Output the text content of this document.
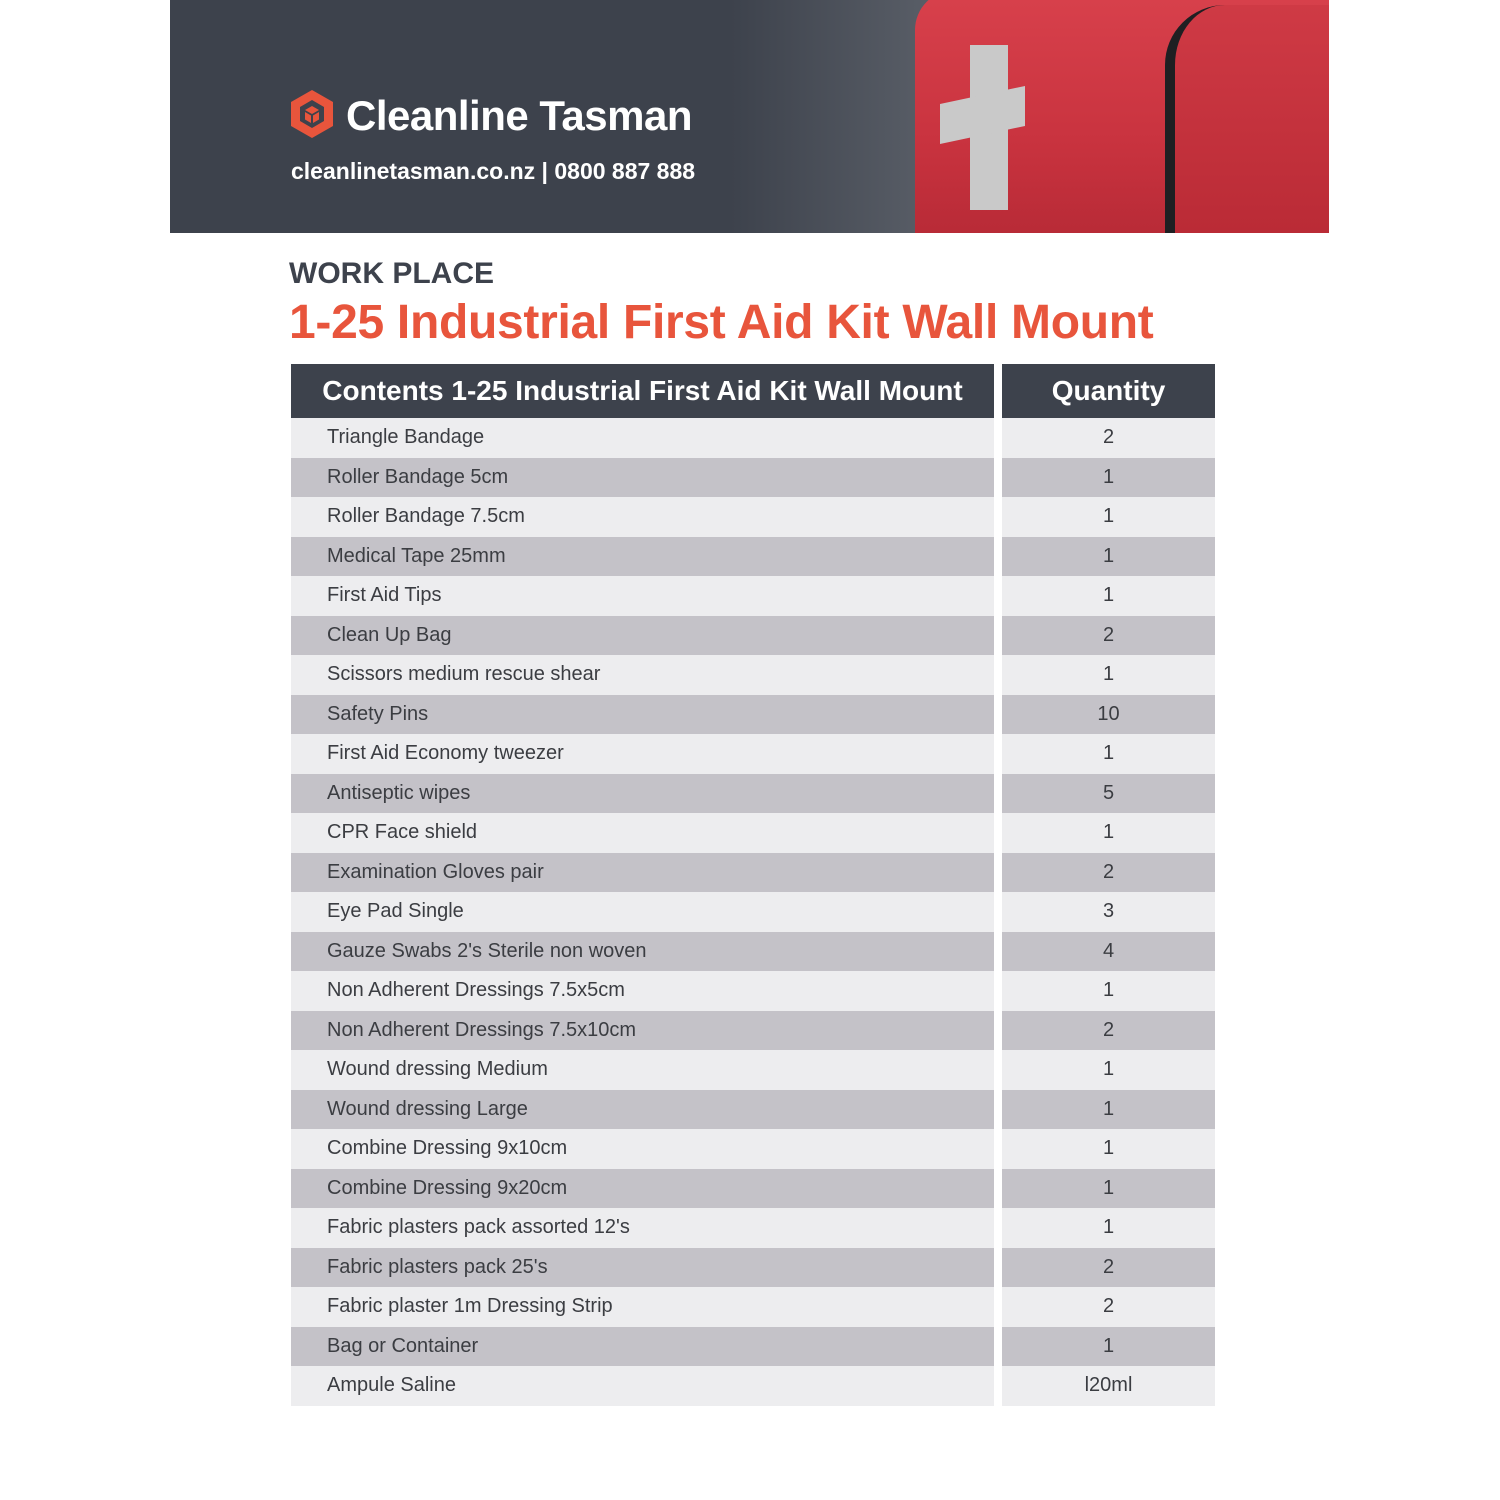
Cleanline Tasman
cleanlinetasman.co.nz | 0800 887 888
WORK PLACE
1-25 Industrial First Aid Kit Wall Mount
Contents 1-25 Industrial First Aid Kit Wall Mount	Quantity
Triangle Bandage	2
Roller Bandage 5cm	1
Roller Bandage 7.5cm	1
Medical Tape 25mm	1
First Aid Tips	1
Clean Up Bag	2
Scissors medium rescue shear	1
Safety Pins	10
First Aid Economy tweezer	1
Antiseptic wipes	5
CPR Face shield	1
Examination Gloves pair	2
Eye Pad Single	3
Gauze Swabs 2's Sterile non woven	4
Non Adherent Dressings 7.5x5cm	1
Non Adherent Dressings 7.5x10cm	2
Wound dressing Medium	1
Wound dressing Large	1
Combine Dressing 9x10cm	1
Combine Dressing 9x20cm	1
Fabric plasters pack assorted 12's	1
Fabric plasters pack 25's	2
Fabric plaster 1m Dressing Strip	2
Bag or Container	1
Ampule Saline	l20ml
